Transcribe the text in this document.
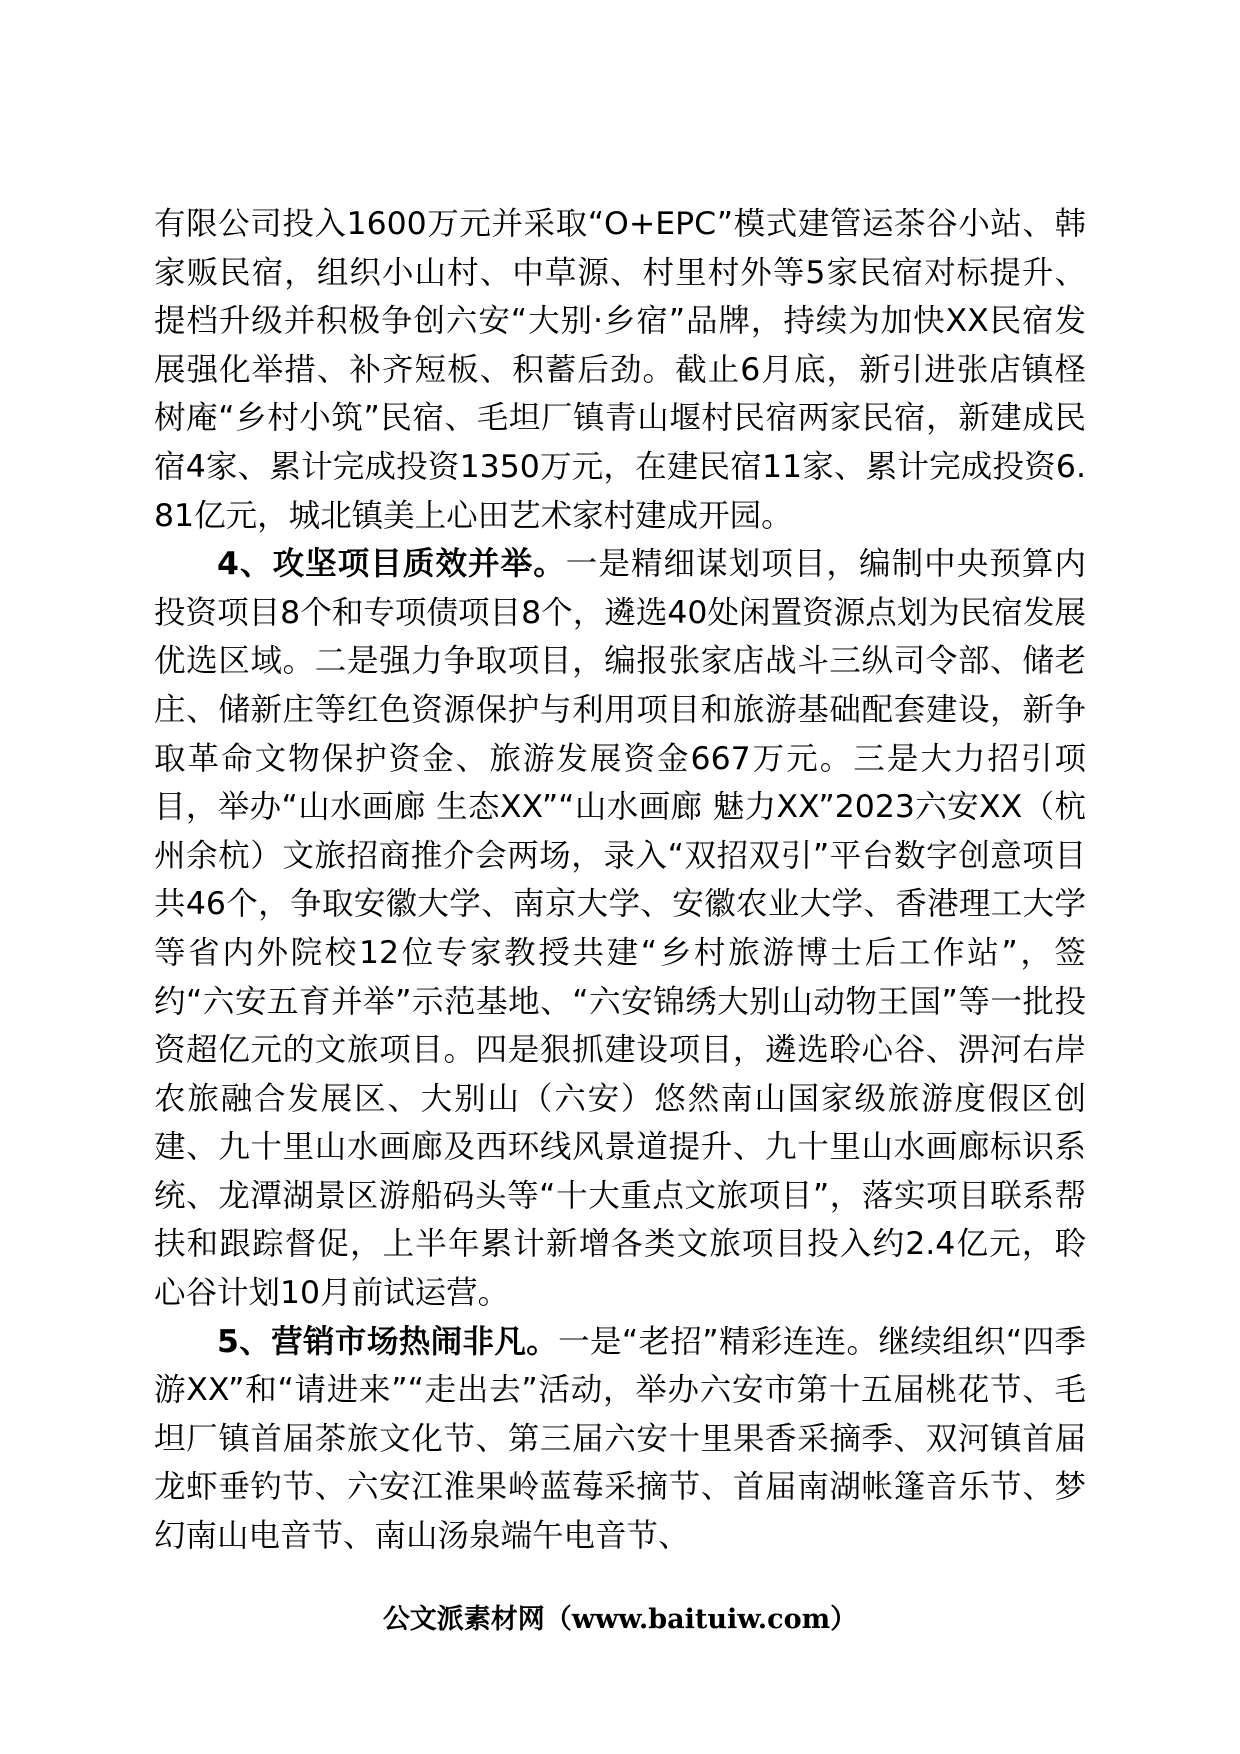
有限公司投入1600万元并采取“O+EPC”模式建管运茶谷小站、韩家贩民宿，组织小山村、中草源、村里村外等5家民宿对标提升、提档升级并积极争创六安“大别·乡宿”品牌，持续为加快XX民宿发展强化举措、补齐短板、积蓄后劲。截止6月底，新引进张店镇柽树庵“乡村小筑”民宿、毛坦厂镇青山堰村民宿两家民宿，新建成民宿4家、累计完成投资1350万元，在建民宿11家、累计完成投资6.81亿元，城北镇美上心田艺术家村建成开园。

4、攻坚项目质效并举。一是精细谋划项目，编制中央预算内投资项目8个和专项债项目8个，遴选40处闲置资源点划为民宿发展优选区域。二是强力争取项目，编报张家店战斗三纵司令部、储老庄、储新庄等红色资源保护与利用项目和旅游基础配套建设，新争取革命文物保护资金、旅游发展资金667万元。三是大力招引项目，举办“山水画廊 生态XX”“山水画廊 魅力XX”2023六安XX（杭州余杭）文旅招商推介会两场，录入“双招双引”平台数字创意项目共46个，争取安徽大学、南京大学、安徽农业大学、香港理工大学等省内外院校12位专家教授共建“乡村旅游博士后工作站”，签约“六安五育并举”示范基地、“六安锦绣大别山动物王国”等一批投资超亿元的文旅项目。四是狠抓建设项目，遴选聆心谷、淠河右岸农旅融合发展区、大别山（六安）悠然南山国家级旅游度假区创建、九十里山水画廊及西环线风景道提升、九十里山水画廊标识系统、龙潭湖景区游船码头等“十大重点文旅项目”，落实项目联系帮扶和跟踪督促，上半年累计新增各类文旅项目投入约2.4亿元，聆心谷计划10月前试运营。

5、营销市场热闹非凡。一是“老招”精彩连连。继续组织“四季游XX”和“请进来”“走出去”活动，举办六安市第十五届桃花节、毛坦厂镇首届茶旅文化节、第三届六安十里果香采摘季、双河镇首届龙虾垂钓节、六安江淮果岭蓝莓采摘节、首届南湖帐篷音乐节、梦幻南山电音节、南山汤泉端午电音节、

公文派素材网（www.baituiw.com）
